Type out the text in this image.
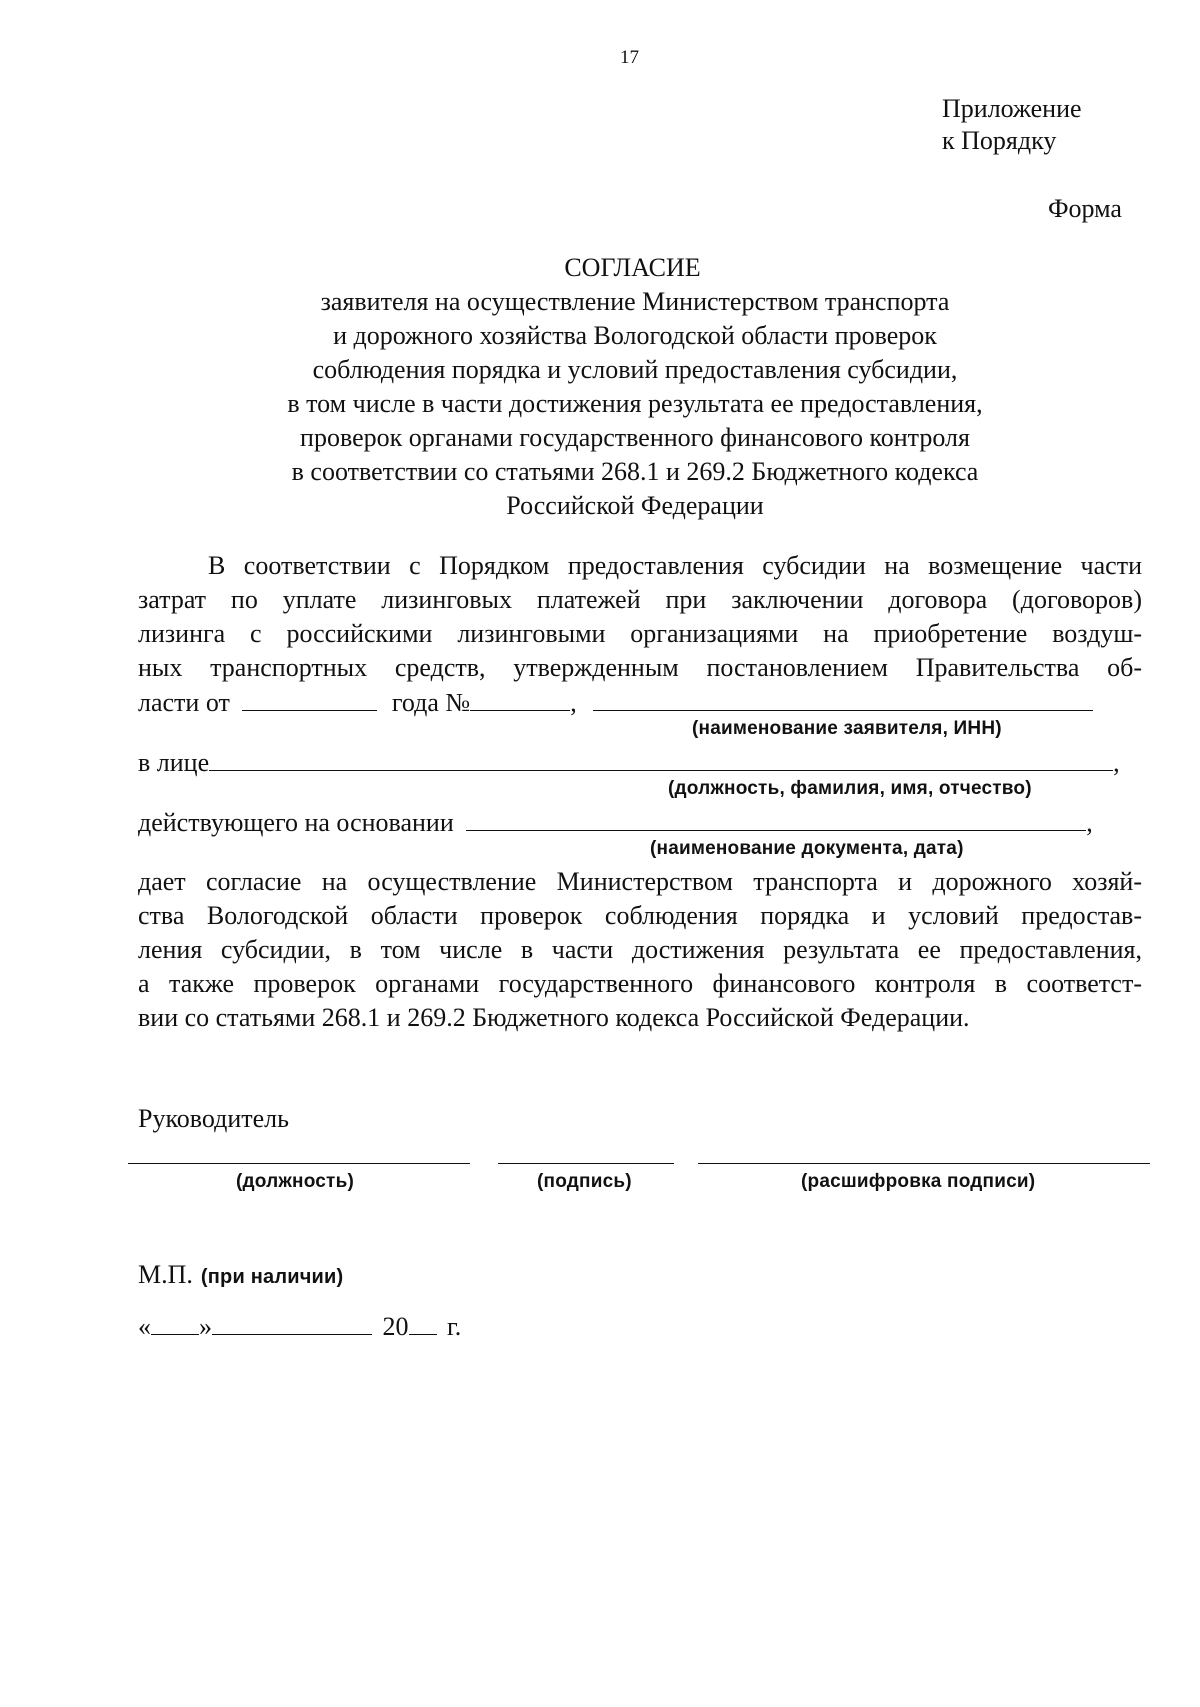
17
Приложение
к Порядку
Форма
СОГЛАСИЕ
заявителя на осуществление Министерством транспорта
и дорожного хозяйства Вологодской области проверок
соблюдения порядка и условий предоставления субсидии,
в том числе в части достижения результата ее предоставления,
проверок органами государственного финансового контроля
в соответствии со статьями 268.1 и 269.2 Бюджетного кодекса
Российской Федерации
В соответствии с Порядком предоставления субсидии на возмещение части
затрат по уплате лизинговых платежей при заключении договора (договоров)
лизинга с российскими лизинговыми организациями на приобретение воздуш-
ных транспортных средств, утвержденным постановлением Правительства об-
ласти от	года №	,
(наименование заявителя, ИНН)
в лице	,
(должность, фамилия, имя, отчество)
действующего на основании	,
(наименование документа, дата)
дает согласие на осуществление Министерством транспорта и дорожного хозяй-
ства Вологодской области проверок соблюдения порядка и условий предостав-
ления субсидии, в том числе в части достижения результата ее предоставления,
а также проверок органами государственного финансового контроля в соответст-
вии со статьями 268.1 и 269.2 Бюджетного кодекса Российской Федерации.
Руководитель
(должность)	(подпись)	(расшифровка подписи)
М.П. (при наличии)
« »	20 г.
